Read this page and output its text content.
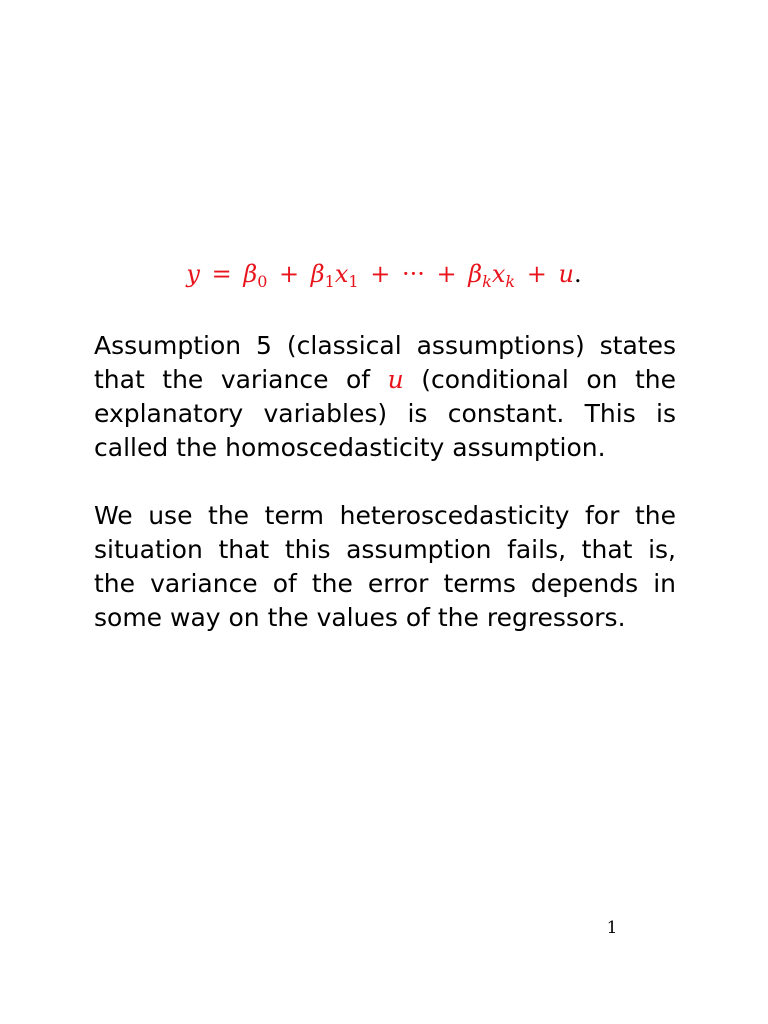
$y = \beta_0 + \beta_1x_1$ + ··· + $\beta_kx_k + u$.

Assumption 5 (classical assumptions) states that the variance of u (conditional on the explanatory variables) is constant. This is called the homoscedasticity assumption.

We use the term heteroscedasticity for the situation that this assumption fails, that is, the variance of the error terms depends in some way on the values of the regressors.

1
